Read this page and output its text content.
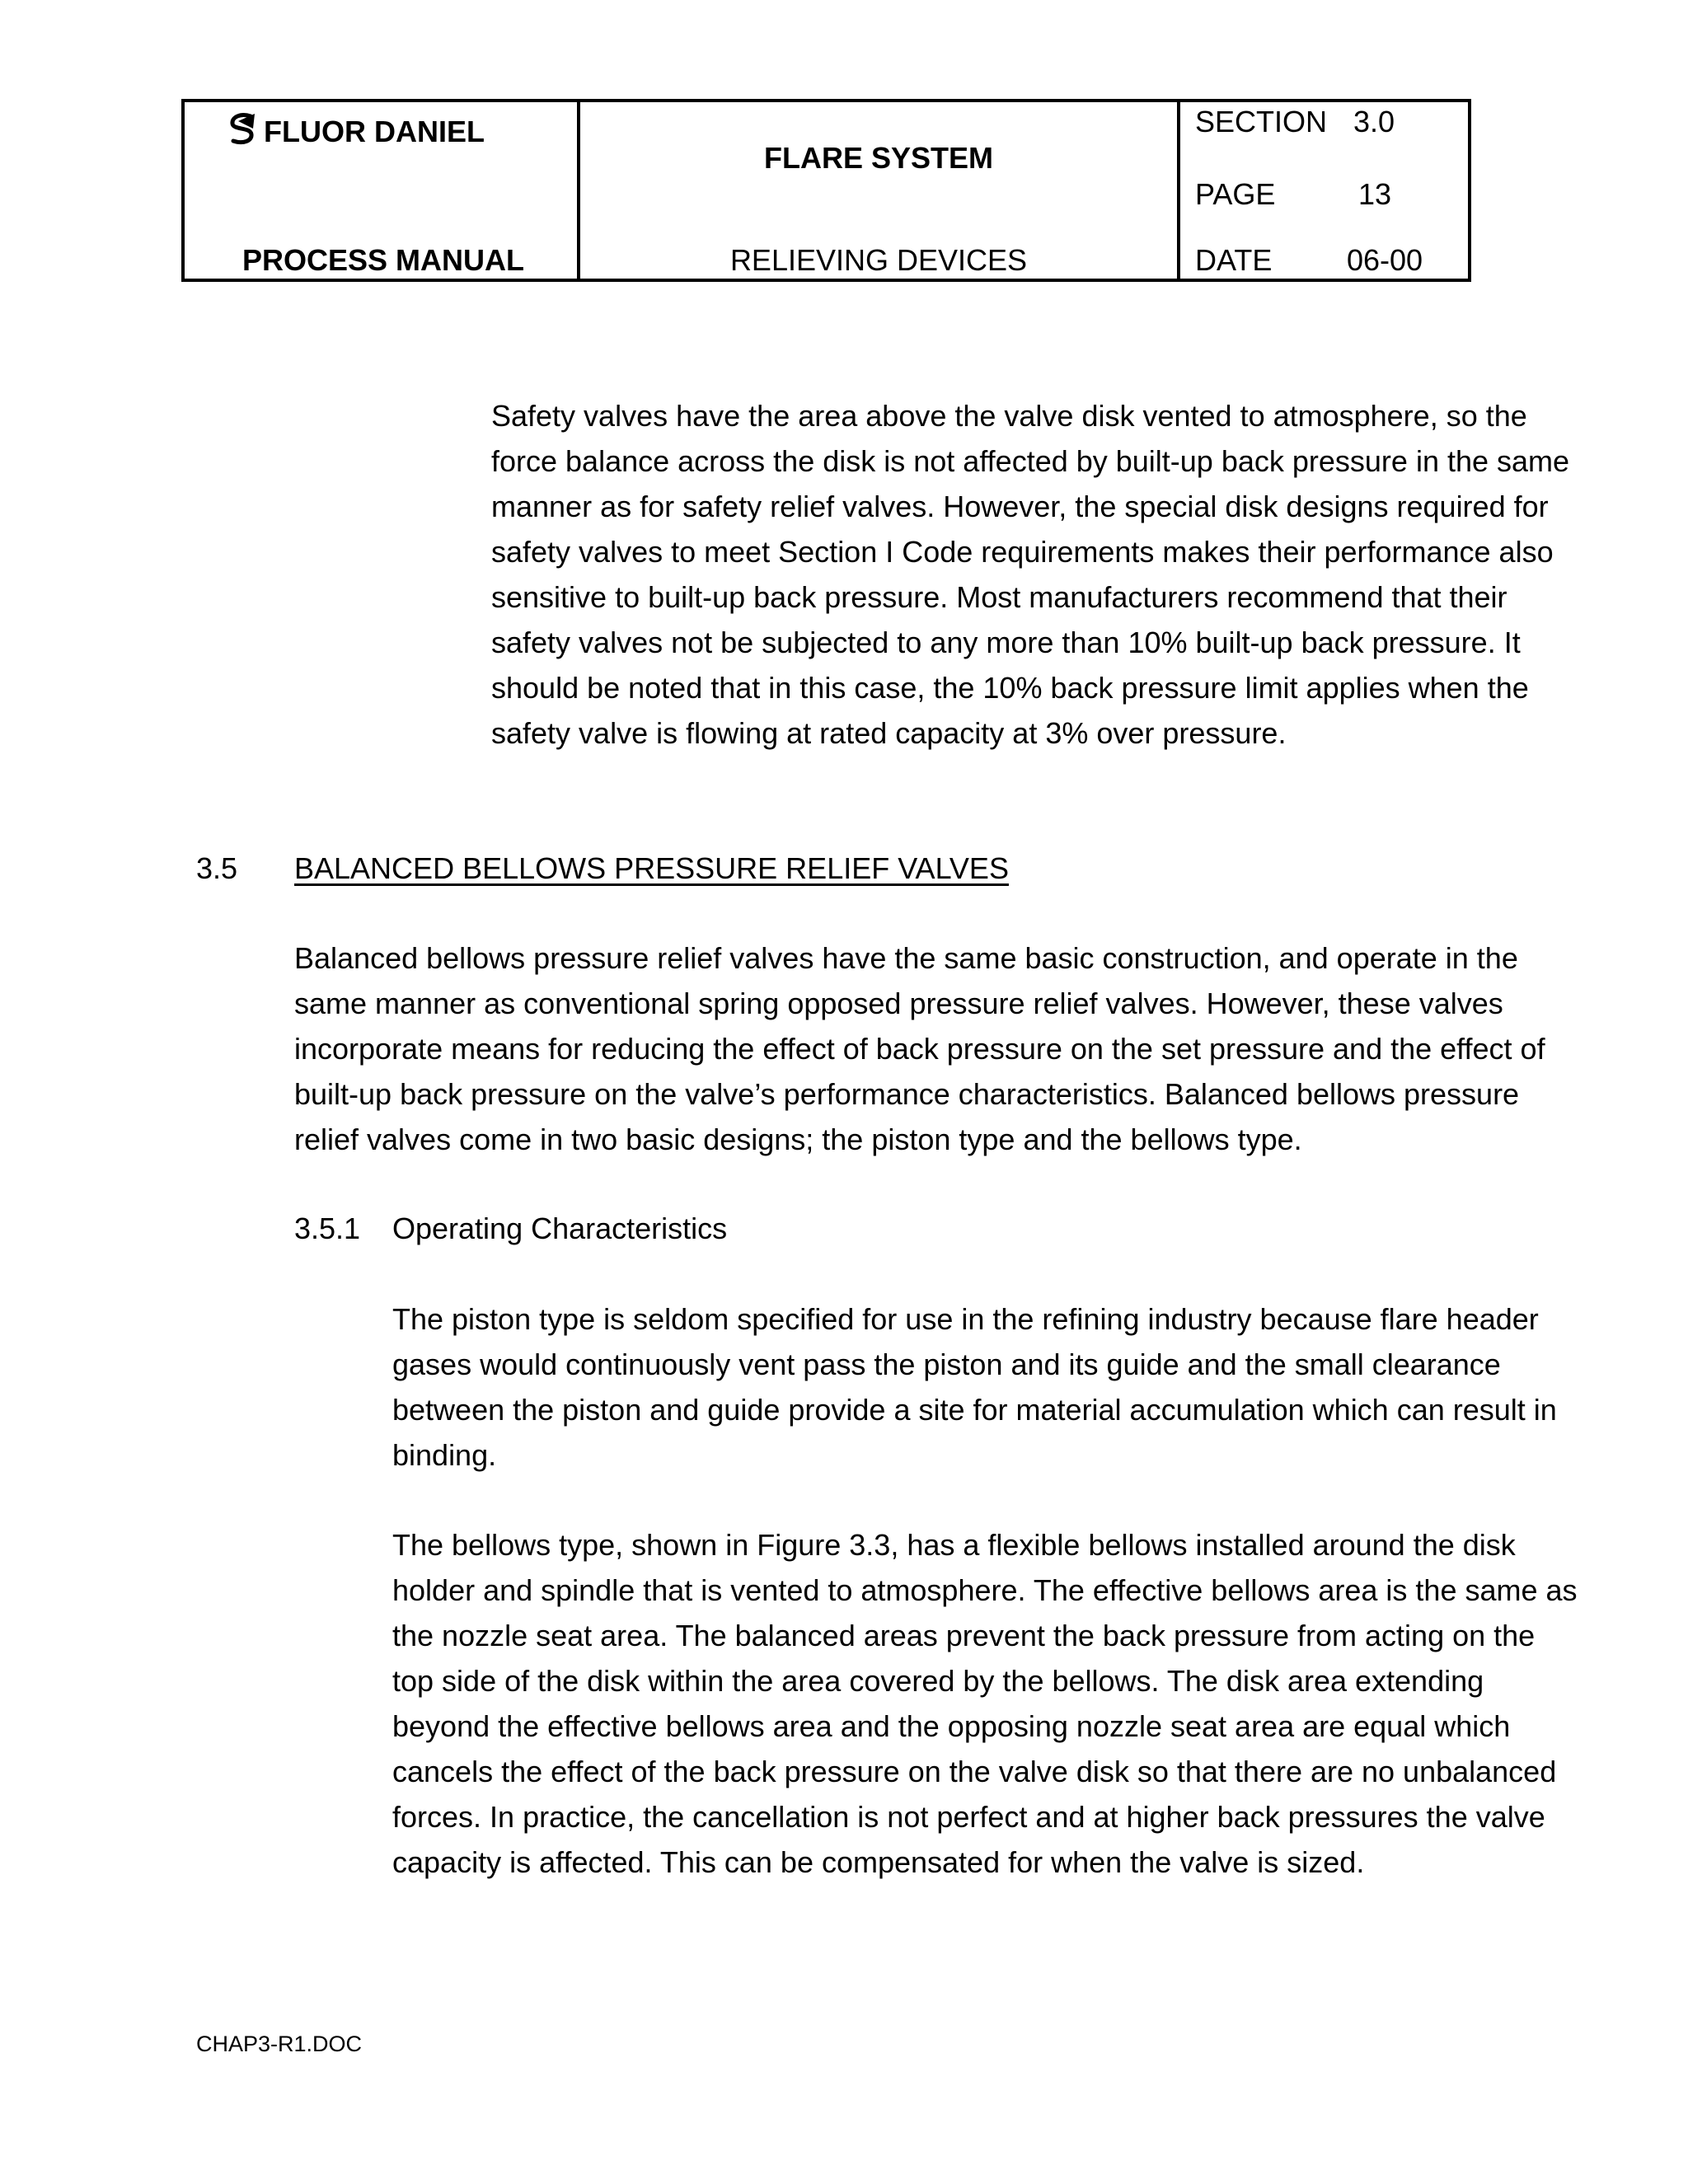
FLUOR DANIEL
PROCESS MANUAL
FLARE SYSTEM
RELIEVING DEVICES
SECTION 3.0
PAGE	13
DATE	06-00

Safety valves have the area above the valve disk vented to atmosphere, so the force balance across the disk is not affected by built-up back pressure in the same manner as for safety relief valves. However, the special disk designs required for safety valves to meet Section I Code requirements makes their performance also sensitive to built-up back pressure. Most manufacturers recommend that their safety valves not be subjected to any more than 10% built-up back pressure. It should be noted that in this case, the 10% back pressure limit applies when the safety valve is flowing at rated capacity at 3% over pressure.

3.5 BALANCED BELLOWS PRESSURE RELIEF VALVES

Balanced bellows pressure relief valves have the same basic construction, and operate in the same manner as conventional spring opposed pressure relief valves. However, these valves incorporate means for reducing the effect of back pressure on the set pressure and the effect of built-up back pressure on the valve’s performance characteristics. Balanced bellows pressure relief valves come in two basic designs; the piston type and the bellows type.

3.5.1 Operating Characteristics

The piston type is seldom specified for use in the refining industry because flare header gases would continuously vent pass the piston and its guide and the small clearance between the piston and guide provide a site for material accumulation which can result in binding.

The bellows type, shown in Figure 3.3, has a flexible bellows installed around the disk holder and spindle that is vented to atmosphere. The effective bellows area is the same as the nozzle seat area. The balanced areas prevent the back pressure from acting on the top side of the disk within the area covered by the bellows. The disk area extending beyond the effective bellows area and the opposing nozzle seat area are equal which cancels the effect of the back pressure on the valve disk so that there are no unbalanced forces. In practice, the cancellation is not perfect and at higher back pressures the valve capacity is affected. This can be compensated for when the valve is sized.

CHAP3-R1.DOC
